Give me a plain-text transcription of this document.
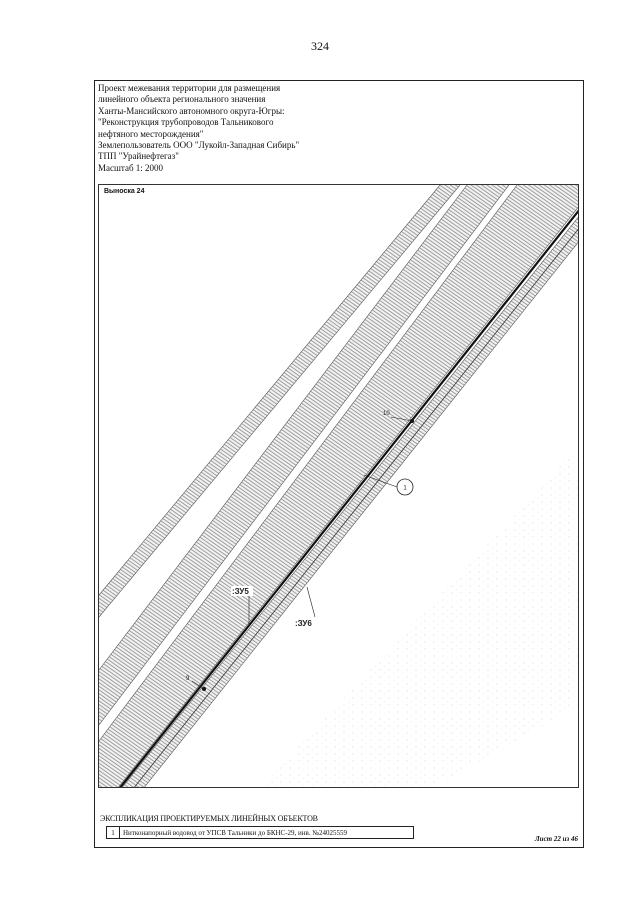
324
Проект межевания территории для размещения
линейного объекта регионального значения
Ханты-Мансийского автономного округа-Югры:
"Реконструкция трубопроводов Тальникового
нефтяного месторождения"
Землепользователь ООО "Лукойл-Западная Сибирь"
ТПП "Урайнефтегаз"
Масштаб 1: 2000
1
10
9
:ЗУ5
:ЗУ6
Выноска 24
ЭКСПЛИКАЦИЯ ПРОЕКТИРУЕМЫХ ЛИНЕЙНЫХ ОБЪЕКТОВ
1	Нитконапорный водовод от УПСВ Тальники до БКНС-29, инв. №24025559
Лист 22 из 46
